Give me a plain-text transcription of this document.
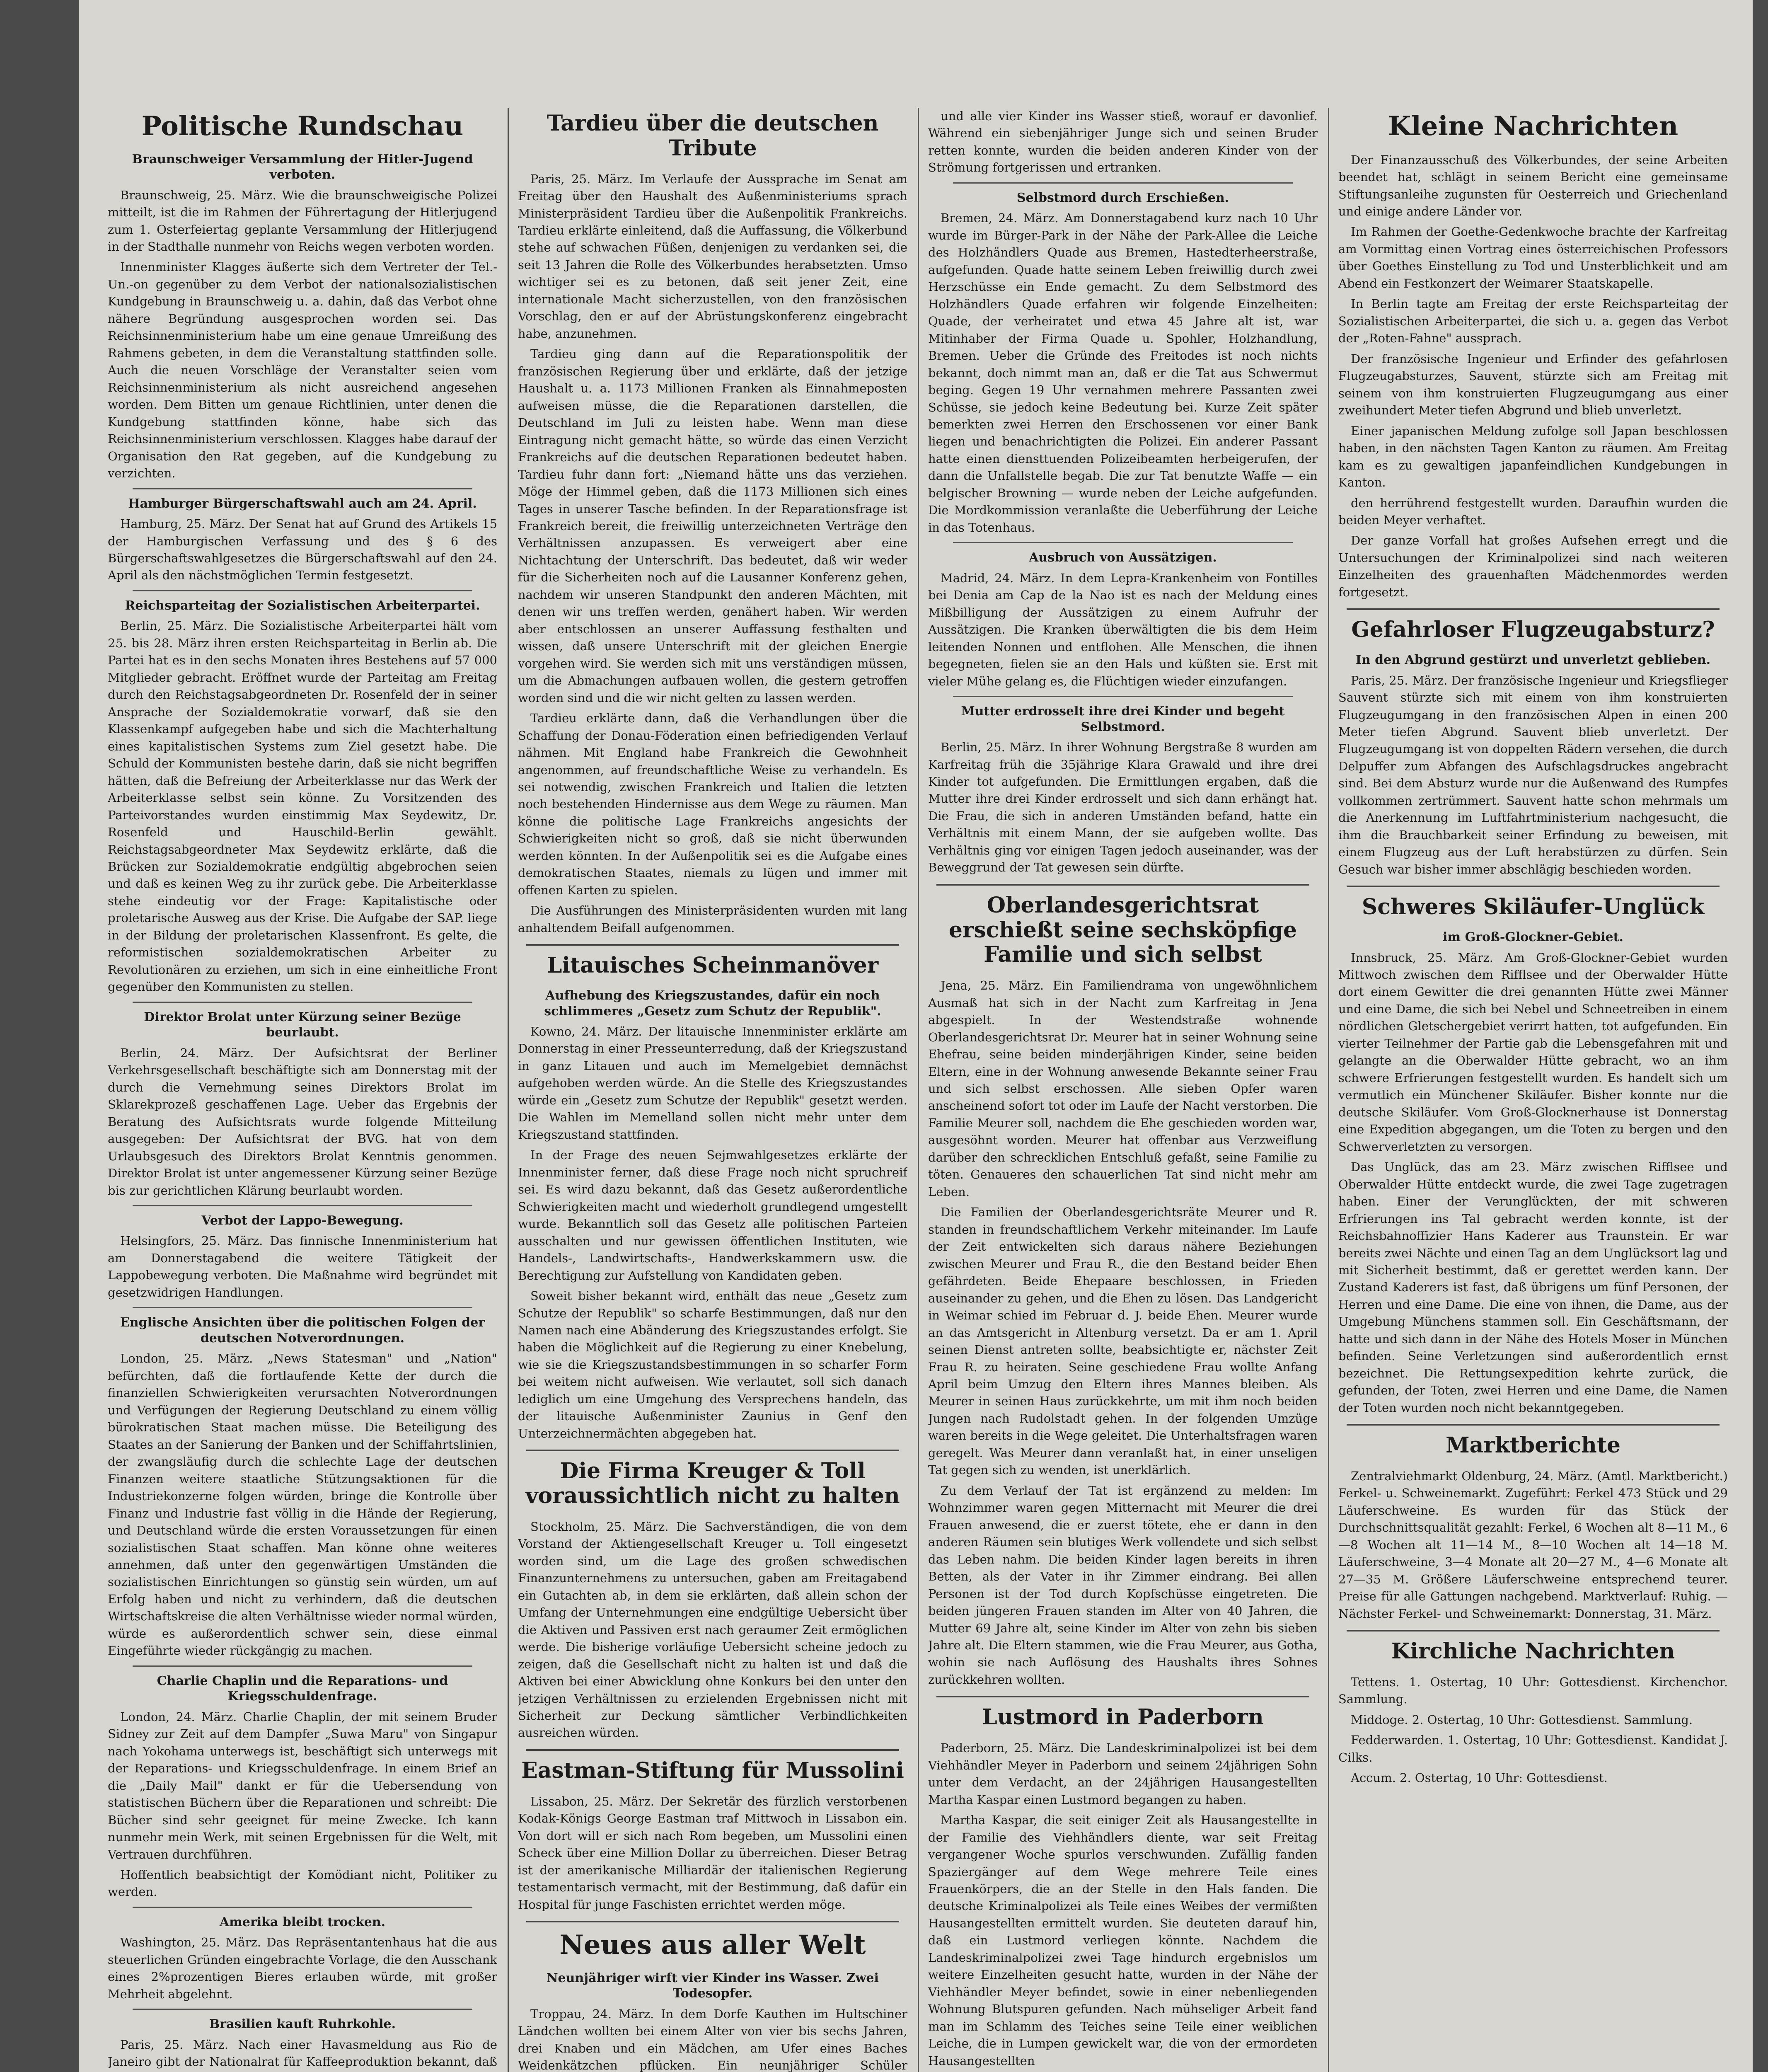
Politische Rundschau
Braunschweiger Versammlung der Hitler-Jugend verboten.
Braunschweig, 25. März. Wie die braunschweigische Polizei mitteilt, ist die im Rahmen der Führertagung der Hitlerjugend zum 1. Osterfeiertag geplante Versammlung der Hitlerjugend in der Stadthalle nunmehr von Reichs wegen verboten worden.
Innenminister Klagges äußerte sich dem Vertreter der Tel.-Un.-on gegenüber zu dem Verbot der nationalsozialistischen Kundgebung in Braunschweig u. a. dahin, daß das Verbot ohne nähere Begründung ausgesprochen worden sei. Das Reichsinnenministerium habe um eine genaue Umreißung des Rahmens gebeten, in dem die Veranstaltung stattfinden solle. Auch die neuen Vorschläge der Veranstalter seien vom Reichsinnenministerium als nicht ausreichend angesehen worden. Dem Bitten um genaue Richtlinien, unter denen die Kundgebung stattfinden könne, habe sich das Reichsinnenministerium verschlossen. Klagges habe darauf der Organisation den Rat gegeben, auf die Kundgebung zu verzichten.
Hamburger Bürgerschaftswahl auch am 24. April.
Hamburg, 25. März. Der Senat hat auf Grund des Artikels 15 der Hamburgischen Verfassung und des § 6 des Bürgerschaftswahlgesetzes die Bürgerschaftswahl auf den 24. April als den nächstmöglichen Termin festgesetzt.
Reichsparteitag der Sozialistischen Arbeiterpartei.
Berlin, 25. März. Die Sozialistische Arbeiterpartei hält vom 25. bis 28. März ihren ersten Reichsparteitag in Berlin ab. Die Partei hat es in den sechs Monaten ihres Bestehens auf 57 000 Mitglieder gebracht. Eröffnet wurde der Parteitag am Freitag durch den Reichstagsabgeordneten Dr. Rosenfeld der in seiner Ansprache der Sozialdemokratie vorwarf, daß sie den Klassenkampf aufgegeben habe und sich die Machterhaltung eines kapitalistischen Systems zum Ziel gesetzt habe. Die Schuld der Kommunisten bestehe darin, daß sie nicht begriffen hätten, daß die Befreiung der Arbeiterklasse nur das Werk der Arbeiterklasse selbst sein könne. Zu Vorsitzenden des Parteivorstandes wurden einstimmig Max Seydewitz, Dr. Rosenfeld und Hauschild-Berlin gewählt. Reichstagsabgeordneter Max Seydewitz erklärte, daß die Brücken zur Sozialdemokratie endgültig abgebrochen seien und daß es keinen Weg zu ihr zurück gebe. Die Arbeiterklasse stehe eindeutig vor der Frage: Kapitalistische oder proletarische Ausweg aus der Krise. Die Aufgabe der SAP. liege in der Bildung der proletarischen Klassenfront. Es gelte, die reformistischen sozialdemokratischen Arbeiter zu Revolutionären zu erziehen, um sich in eine einheitliche Front gegenüber den Kommunisten zu stellen.
Direktor Brolat unter Kürzung seiner Bezüge beurlaubt.
Berlin, 24. März. Der Aufsichtsrat der Berliner Verkehrsgesellschaft beschäftigte sich am Donnerstag mit der durch die Vernehmung seines Direktors Brolat im Sklarekprozeß geschaffenen Lage. Ueber das Ergebnis der Beratung des Aufsichtsrats wurde folgende Mitteilung ausgegeben: Der Aufsichtsrat der BVG. hat von dem Urlaubsgesuch des Direktors Brolat Kenntnis genommen. Direktor Brolat ist unter angemessener Kürzung seiner Bezüge bis zur gerichtlichen Klärung beurlaubt worden.
Verbot der Lappo-Bewegung.
Helsingfors, 25. März. Das finnische Innenministerium hat am Donnerstagabend die weitere Tätigkeit der Lappobewegung verboten. Die Maßnahme wird begründet mit gesetzwidrigen Handlungen.
Englische Ansichten über die politischen Folgen der deutschen Notverordnungen.
London, 25. März. „News Statesman" und „Nation" befürchten, daß die fortlaufende Kette der durch die finanziellen Schwierigkeiten verursachten Notverordnungen und Verfügungen der Regierung Deutschland zu einem völlig bürokratischen Staat machen müsse. Die Beteiligung des Staates an der Sanierung der Banken und der Schiffahrtslinien, der zwangsläufig durch die schlechte Lage der deutschen Finanzen weitere staatliche Stützungsaktionen für die Industriekonzerne folgen würden, bringe die Kontrolle über Finanz und Industrie fast völlig in die Hände der Regierung, und Deutschland würde die ersten Voraussetzungen für einen sozialistischen Staat schaffen. Man könne ohne weiteres annehmen, daß unter den gegenwärtigen Umständen die sozialistischen Einrichtungen so günstig sein würden, um auf Erfolg haben und nicht zu verhindern, daß die deutschen Wirtschaftskreise die alten Verhältnisse wieder normal würden, würde es außerordentlich schwer sein, diese einmal Eingeführte wieder rückgängig zu machen.
Charlie Chaplin und die Reparations- und Kriegsschuldenfrage.
London, 24. März. Charlie Chaplin, der mit seinem Bruder Sidney zur Zeit auf dem Dampfer „Suwa Maru" von Singapur nach Yokohama unterwegs ist, beschäftigt sich unterwegs mit der Reparations- und Kriegsschuldenfrage. In einem Brief an die „Daily Mail" dankt er für die Uebersendung von statistischen Büchern über die Reparationen und schreibt: Die Bücher sind sehr geeignet für meine Zwecke. Ich kann nunmehr mein Werk, mit seinen Ergebnissen für die Welt, mit Vertrauen durchführen.
Hoffentlich beabsichtigt der Komödiant nicht, Politiker zu werden.
Amerika bleibt trocken.
Washington, 25. März. Das Repräsentantenhaus hat die aus steuerlichen Gründen eingebrachte Vorlage, die den Ausschank eines 2%prozentigen Bieres erlauben würde, mit großer Mehrheit abgelehnt.
Brasilien kauft Ruhrkohle.
Paris, 25. März. Nach einer Havasmeldung aus Rio de Janeiro gibt der Nationalrat für Kaffeeproduktion bekannt, daß
Tardieu über die deutschen Tribute
Paris, 25. März. Im Verlaufe der Aussprache im Senat am Freitag über den Haushalt des Außenministeriums sprach Ministerpräsident Tardieu über die Außenpolitik Frankreichs. Tardieu erklärte einleitend, daß die Auffassung, die Völkerbund stehe auf schwachen Füßen, denjenigen zu verdanken sei, die seit 13 Jahren die Rolle des Völkerbundes herabsetzten. Umso wichtiger sei es zu betonen, daß seit jener Zeit, eine internationale Macht sicherzustellen, von den französischen Vorschlag, den er auf der Abrüstungskonferenz eingebracht habe, anzunehmen.
Tardieu ging dann auf die Reparationspolitik der französischen Regierung über und erklärte, daß der jetzige Haushalt u. a. 1173 Millionen Franken als Einnahmeposten aufweisen müsse, die die Reparationen darstellen, die Deutschland im Juli zu leisten habe. Wenn man diese Eintragung nicht gemacht hätte, so würde das einen Verzicht Frankreichs auf die deutschen Reparationen bedeutet haben. Tardieu fuhr dann fort: „Niemand hätte uns das verziehen. Möge der Himmel geben, daß die 1173 Millionen sich eines Tages in unserer Tasche befinden. In der Reparationsfrage ist Frankreich bereit, die freiwillig unterzeichneten Verträge den Verhältnissen anzupassen. Es verweigert aber eine Nichtachtung der Unterschrift. Das bedeutet, daß wir weder für die Sicherheiten noch auf die Lausanner Konferenz gehen, nachdem wir unseren Standpunkt den anderen Mächten, mit denen wir uns treffen werden, genähert haben. Wir werden aber entschlossen an unserer Auffassung festhalten und wissen, daß unsere Unterschrift mit der gleichen Energie vorgehen wird. Sie werden sich mit uns verständigen müssen, um die Abmachungen aufbauen wollen, die gestern getroffen worden sind und die wir nicht gelten zu lassen werden.
Tardieu erklärte dann, daß die Verhandlungen über die Schaffung der Donau-Föderation einen befriedigenden Verlauf nähmen. Mit England habe Frankreich die Gewohnheit angenommen, auf freundschaftliche Weise zu verhandeln. Es sei notwendig, zwischen Frankreich und Italien die letzten noch bestehenden Hindernisse aus dem Wege zu räumen. Man könne die politische Lage Frankreichs angesichts der Schwierigkeiten nicht so groß, daß sie nicht überwunden werden könnten. In der Außenpolitik sei es die Aufgabe eines demokratischen Staates, niemals zu lügen und immer mit offenen Karten zu spielen.
Die Ausführungen des Ministerpräsidenten wurden mit lang anhaltendem Beifall aufgenommen.
Litauisches Scheinmanöver
Aufhebung des Kriegszustandes, dafür ein noch schlimmeres „Gesetz zum Schutz der Republik".
Kowno, 24. März. Der litauische Innenminister erklärte am Donnerstag in einer Presseunterredung, daß der Kriegszustand in ganz Litauen und auch im Memelgebiet demnächst aufgehoben werden würde. An die Stelle des Kriegszustandes würde ein „Gesetz zum Schutze der Republik" gesetzt werden. Die Wahlen im Memelland sollen nicht mehr unter dem Kriegszustand stattfinden.
In der Frage des neuen Sejmwahlgesetzes erklärte der Innenminister ferner, daß diese Frage noch nicht spruchreif sei. Es wird dazu bekannt, daß das Gesetz außerordentliche Schwierigkeiten macht und wiederholt grundlegend umgestellt wurde. Bekanntlich soll das Gesetz alle politischen Parteien ausschalten und nur gewissen öffentlichen Instituten, wie Handels-, Landwirtschafts-, Handwerkskammern usw. die Berechtigung zur Aufstellung von Kandidaten geben.
Soweit bisher bekannt wird, enthält das neue „Gesetz zum Schutze der Republik" so scharfe Bestimmungen, daß nur den Namen nach eine Abänderung des Kriegszustandes erfolgt. Sie haben die Möglichkeit auf die Regierung zu einer Knebelung, wie sie die Kriegszustandsbestimmungen in so scharfer Form bei weitem nicht aufweisen. Wie verlautet, soll sich danach lediglich um eine Umgehung des Versprechens handeln, das der litauische Außenminister Zaunius in Genf den Unterzeichnermächten abgegeben hat.
Die Firma Kreuger & Toll voraussichtlich nicht zu halten
Stockholm, 25. März. Die Sachverständigen, die von dem Vorstand der Aktiengesellschaft Kreuger u. Toll eingesetzt worden sind, um die Lage des großen schwedischen Finanzunternehmens zu untersuchen, gaben am Freitagabend ein Gutachten ab, in dem sie erklärten, daß allein schon der Umfang der Unternehmungen eine endgültige Uebersicht über die Aktiven und Passiven erst nach geraumer Zeit ermöglichen werde. Die bisherige vorläufige Uebersicht scheine jedoch zu zeigen, daß die Gesellschaft nicht zu halten ist und daß die Aktiven bei einer Abwicklung ohne Konkurs bei den unter den jetzigen Verhältnissen zu erzielenden Ergebnissen nicht mit Sicherheit zur Deckung sämtlicher Verbindlichkeiten ausreichen würden.
Eastman-Stiftung für Mussolini
Lissabon, 25. März. Der Sekretär des fürzlich verstorbenen Kodak-Königs George Eastman traf Mittwoch in Lissabon ein. Von dort will er sich nach Rom begeben, um Mussolini einen Scheck über eine Million Dollar zu überreichen. Dieser Betrag ist der amerikanische Milliardär der italienischen Regierung testamentarisch vermacht, mit der Bestimmung, daß dafür ein Hospital für junge Faschisten errichtet werden möge.
Neues aus aller Welt
Neunjähriger wirft vier Kinder ins Wasser. Zwei Todesopfer.
Troppau, 24. März. In dem Dorfe Kauthen im Hultschiner Ländchen wollten bei einem Alter von vier bis sechs Jahren, drei Knaben und ein Mädchen, am Ufer eines Baches Weidenkätzchen pflücken. Ein neunjähriger Schüler
und alle vier Kinder ins Wasser stieß, worauf er davonlief. Während ein siebenjähriger Junge sich und seinen Bruder retten konnte, wurden die beiden anderen Kinder von der Strömung fortgerissen und ertranken.
Selbstmord durch Erschießen.
Bremen, 24. März. Am Donnerstagabend kurz nach 10 Uhr wurde im Bürger-Park in der Nähe der Park-Allee die Leiche des Holzhändlers Quade aus Bremen, Hastedterheerstraße, aufgefunden. Quade hatte seinem Leben freiwillig durch zwei Herzschüsse ein Ende gemacht. Zu dem Selbstmord des Holzhändlers Quade erfahren wir folgende Einzelheiten: Quade, der verheiratet und etwa 45 Jahre alt ist, war Mitinhaber der Firma Quade u. Spohler, Holzhandlung, Bremen. Ueber die Gründe des Freitodes ist noch nichts bekannt, doch nimmt man an, daß er die Tat aus Schwermut beging. Gegen 19 Uhr vernahmen mehrere Passanten zwei Schüsse, sie jedoch keine Bedeutung bei. Kurze Zeit später bemerkten zwei Herren den Erschossenen vor einer Bank liegen und benachrichtigten die Polizei. Ein anderer Passant hatte einen diensttuenden Polizeibeamten herbeigerufen, der dann die Unfallstelle begab. Die zur Tat benutzte Waffe — ein belgischer Browning — wurde neben der Leiche aufgefunden. Die Mordkommission veranlaßte die Ueberführung der Leiche in das Totenhaus.
Ausbruch von Aussätzigen.
Madrid, 24. März. In dem Lepra-Krankenheim von Fontilles bei Denia am Cap de la Nao ist es nach der Meldung eines Mißbilligung der Aussätzigen zu einem Aufruhr der Aussätzigen. Die Kranken überwältigten die bis dem Heim leitenden Nonnen und entflohen. Alle Menschen, die ihnen begegneten, fielen sie an den Hals und küßten sie. Erst mit vieler Mühe gelang es, die Flüchtigen wieder einzufangen.
Mutter erdrosselt ihre drei Kinder und begeht Selbstmord.
Berlin, 25. März. In ihrer Wohnung Bergstraße 8 wurden am Karfreitag früh die 35jährige Klara Grawald und ihre drei Kinder tot aufgefunden. Die Ermittlungen ergaben, daß die Mutter ihre drei Kinder erdrosselt und sich dann erhängt hat. Die Frau, die sich in anderen Umständen befand, hatte ein Verhältnis mit einem Mann, der sie aufgeben wollte. Das Verhältnis ging vor einigen Tagen jedoch auseinander, was der Beweggrund der Tat gewesen sein dürfte.
Oberlandesgerichtsrat erschießt seine sechsköpfige Familie und sich selbst
Jena, 25. März. Ein Familiendrama von ungewöhnlichem Ausmaß hat sich in der Nacht zum Karfreitag in Jena abgespielt. In der Westendstraße wohnende Oberlandesgerichtsrat Dr. Meurer hat in seiner Wohnung seine Ehefrau, seine beiden minderjährigen Kinder, seine beiden Eltern, eine in der Wohnung anwesende Bekannte seiner Frau und sich selbst erschossen. Alle sieben Opfer waren anscheinend sofort tot oder im Laufe der Nacht verstorben. Die Familie Meurer soll, nachdem die Ehe geschieden worden war, ausgesöhnt worden. Meurer hat offenbar aus Verzweiflung darüber den schrecklichen Entschluß gefaßt, seine Familie zu töten. Genaueres den schauerlichen Tat sind nicht mehr am Leben.
Die Familien der Oberlandesgerichtsräte Meurer und R. standen in freundschaftlichem Verkehr miteinander. Im Laufe der Zeit entwickelten sich daraus nähere Beziehungen zwischen Meurer und Frau R., die den Bestand beider Ehen gefährdeten. Beide Ehepaare beschlossen, in Frieden auseinander zu gehen, und die Ehen zu lösen. Das Landgericht in Weimar schied im Februar d. J. beide Ehen. Meurer wurde an das Amtsgericht in Altenburg versetzt. Da er am 1. April seinen Dienst antreten sollte, beabsichtigte er, nächster Zeit Frau R. zu heiraten. Seine geschiedene Frau wollte Anfang April beim Umzug den Eltern ihres Mannes bleiben. Als Meurer in seinen Haus zurückkehrte, um mit ihm noch beiden Jungen nach Rudolstadt gehen. In der folgenden Umzüge waren bereits in die Wege geleitet. Die Unterhaltsfragen waren geregelt. Was Meurer dann veranlaßt hat, in einer unseligen Tat gegen sich zu wenden, ist unerklärlich.
Zu dem Verlauf der Tat ist ergänzend zu melden: Im Wohnzimmer waren gegen Mitternacht mit Meurer die drei Frauen anwesend, die er zuerst tötete, ehe er dann in den anderen Räumen sein blutiges Werk vollendete und sich selbst das Leben nahm. Die beiden Kinder lagen bereits in ihren Betten, als der Vater in ihr Zimmer eindrang. Bei allen Personen ist der Tod durch Kopfschüsse eingetreten. Die beiden jüngeren Frauen standen im Alter von 40 Jahren, die Mutter 69 Jahre alt, seine Kinder im Alter von zehn bis sieben Jahre alt. Die Eltern stammen, wie die Frau Meurer, aus Gotha, wohin sie nach Auflösung des Haushalts ihres Sohnes zurückkehren wollten.
Lustmord in Paderborn
Paderborn, 25. März. Die Landeskriminalpolizei ist bei dem Viehhändler Meyer in Paderborn und seinem 24jährigen Sohn unter dem Verdacht, an der 24jährigen Hausangestellten Martha Kaspar einen Lustmord begangen zu haben.
Martha Kaspar, die seit einiger Zeit als Hausangestellte in der Familie des Viehhändlers diente, war seit Freitag vergangener Woche spurlos verschwunden. Zufällig fanden Spaziergänger auf dem Wege mehrere Teile eines Frauenkörpers, die an der Stelle in den Hals fanden. Die deutsche Kriminalpolizei als Teile eines Weibes der vermißten Hausangestellten ermittelt wurden. Sie deuteten darauf hin, daß ein Lustmord verliegen könnte. Nachdem die Landeskriminalpolizei zwei Tage hindurch ergebnislos um weitere Einzelheiten gesucht hatte, wurden in der Nähe der Viehhändler Meyer befindet, sowie in einer nebenliegenden Wohnung Blutspuren gefunden. Nach mühseliger Arbeit fand man im Schlamm des Teiches seine Teile einer weiblichen Leiche, die in Lumpen gewickelt war, die von der ermordeten Hausangestellten
Kleine Nachrichten
Der Finanzausschuß des Völkerbundes, der seine Arbeiten beendet hat, schlägt in seinem Bericht eine gemeinsame Stiftungsanleihe zugunsten für Oesterreich und Griechenland und einige andere Länder vor.
Im Rahmen der Goethe-Gedenkwoche brachte der Karfreitag am Vormittag einen Vortrag eines österreichischen Professors über Goethes Einstellung zu Tod und Unsterblichkeit und am Abend ein Festkonzert der Weimarer Staatskapelle.
In Berlin tagte am Freitag der erste Reichsparteitag der Sozialistischen Arbeiterpartei, die sich u. a. gegen das Verbot der „Roten-Fahne" aussprach.
Der französische Ingenieur und Erfinder des gefahrlosen Flugzeugabsturzes, Sauvent, stürzte sich am Freitag mit seinem von ihm konstruierten Flugzeugumgang aus einer zweihundert Meter tiefen Abgrund und blieb unverletzt.
Einer japanischen Meldung zufolge soll Japan beschlossen haben, in den nächsten Tagen Kanton zu räumen. Am Freitag kam es zu gewaltigen japanfeindlichen Kundgebungen in Kanton.
den herrührend festgestellt wurden. Daraufhin wurden die beiden Meyer verhaftet.
Der ganze Vorfall hat großes Aufsehen erregt und die Untersuchungen der Kriminalpolizei sind nach weiteren Einzelheiten des grauenhaften Mädchenmordes werden fortgesetzt.
Gefahrloser Flugzeugabsturz?
In den Abgrund gestürzt und unverletzt geblieben.
Paris, 25. März. Der französische Ingenieur und Kriegsflieger Sauvent stürzte sich mit einem von ihm konstruierten Flugzeugumgang in den französischen Alpen in einen 200 Meter tiefen Abgrund. Sauvent blieb unverletzt. Der Flugzeugumgang ist von doppelten Rädern versehen, die durch Delpuffer zum Abfangen des Aufschlagsdruckes angebracht sind. Bei dem Absturz wurde nur die Außenwand des Rumpfes vollkommen zertrümmert. Sauvent hatte schon mehrmals um die Anerkennung im Luftfahrtministerium nachgesucht, die ihm die Brauchbarkeit seiner Erfindung zu beweisen, mit einem Flugzeug aus der Luft herabstürzen zu dürfen. Sein Gesuch war bisher immer abschlägig beschieden worden.
Schweres Skiläufer-Unglück
im Groß-Glockner-Gebiet.
Innsbruck, 25. März. Am Groß-Glockner-Gebiet wurden Mittwoch zwischen dem Rifflsee und der Oberwalder Hütte dort einem Gewitter die drei genannten Hütte zwei Männer und eine Dame, die sich bei Nebel und Schneetreiben in einem nördlichen Gletschergebiet verirrt hatten, tot aufgefunden. Ein vierter Teilnehmer der Partie gab die Lebensgefahren mit und gelangte an die Oberwalder Hütte gebracht, wo an ihm schwere Erfrierungen festgestellt wurden. Es handelt sich um vermutlich ein Münchener Skiläufer. Bisher konnte nur die deutsche Skiläufer. Vom Groß-Glocknerhause ist Donnerstag eine Expedition abgegangen, um die Toten zu bergen und den Schwerverletzten zu versorgen.
Das Unglück, das am 23. März zwischen Rifflsee und Oberwalder Hütte entdeckt wurde, die zwei Tage zugetragen haben. Einer der Verunglückten, der mit schweren Erfrierungen ins Tal gebracht werden konnte, ist der Reichsbahnoffizier Hans Kaderer aus Traunstein. Er war bereits zwei Nächte und einen Tag an dem Unglücksort lag und mit Sicherheit bestimmt, daß er gerettet werden kann. Der Zustand Kaderers ist fast, daß übrigens um fünf Personen, der Herren und eine Dame. Die eine von ihnen, die Dame, aus der Umgebung Münchens stammen soll. Ein Geschäftsmann, der hatte und sich dann in der Nähe des Hotels Moser in München befinden. Seine Verletzungen sind außerordentlich ernst bezeichnet. Die Rettungsexpedition kehrte zurück, die gefunden, der Toten, zwei Herren und eine Dame, die Namen der Toten wurden noch nicht bekanntgegeben.
Marktberichte
Zentralviehmarkt Oldenburg, 24. März. (Amtl. Marktbericht.) Ferkel- u. Schweinemarkt. Zugeführt: Ferkel 473 Stück und 29 Läuferschweine. Es wurden für das Stück der Durchschnittsqualität gezahlt: Ferkel, 6 Wochen alt 8—11 M., 6—8 Wochen alt 11—14 M., 8—10 Wochen alt 14—18 M. Läuferschweine, 3—4 Monate alt 20—27 M., 4—6 Monate alt 27—35 M. Größere Läuferschweine entsprechend teurer. Preise für alle Gattungen nachgebend. Marktverlauf: Ruhig. — Nächster Ferkel- und Schweinemarkt: Donnerstag, 31. März.
Kirchliche Nachrichten
Tettens. 1. Ostertag, 10 Uhr: Gottesdienst. Kirchenchor. Sammlung.
Middoge. 2. Ostertag, 10 Uhr: Gottesdienst. Sammlung.
Fedderwarden. 1. Ostertag, 10 Uhr: Gottesdienst. Kandidat J. Cilks.
Accum. 2. Ostertag, 10 Uhr: Gottesdienst.
